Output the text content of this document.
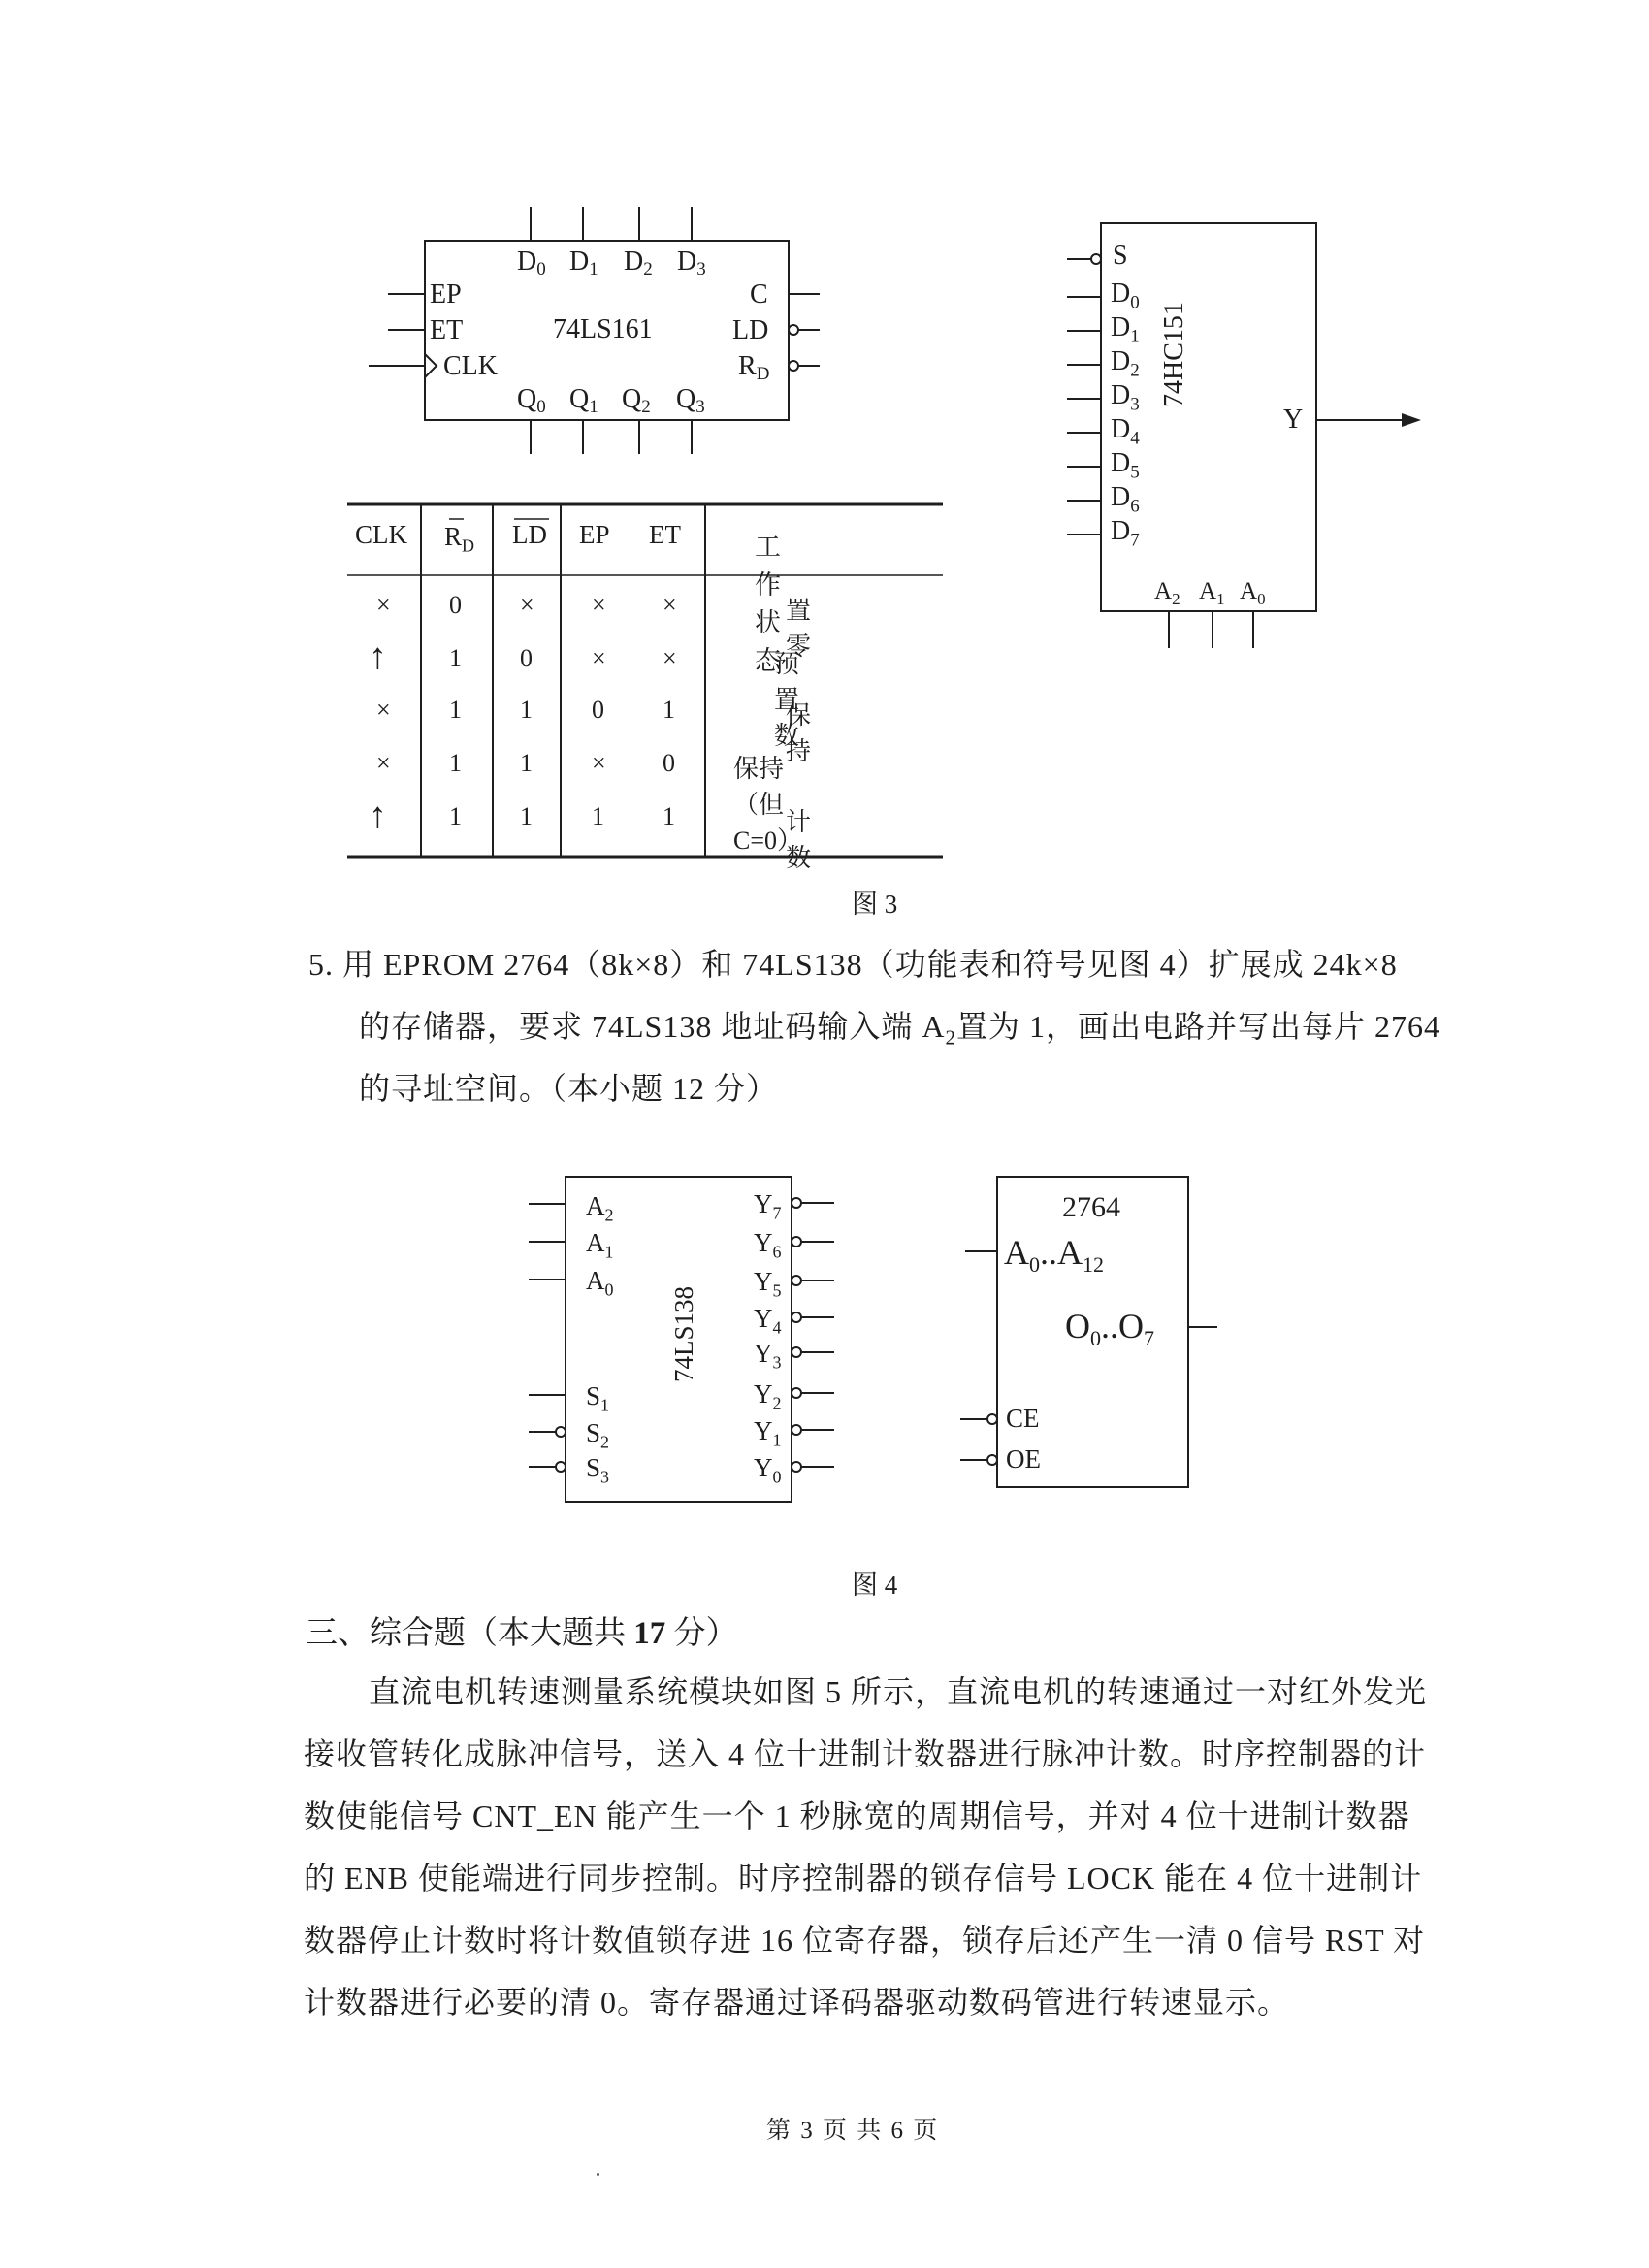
D0 D1 D2 D3
EP
ET
CLK
74LS161
C
LD
RD
Q0 Q1 Q2 Q3
S
$D_0$
$D_1$
$D_2$
$D_3$
$D_4$
$D_5$
$D_6$
$D_7$
Y
74HC151
$A_2$ $A_1$ $A_0$
CLK $R_D$ LD EP ET	工 作 状 态
× 0 × × ×	置 零
↑ 1 0 × ×	预置数
× 1 1 0 1	保持
× 1 1 × 0 保持（但C=0）
↑ 1 1 1 1	计数
图 3
5. 用 EPROM 2764（8k×8）和 74LS138（功能表和符号见图 4）扩展成 24k×8
的存储器，要求 74LS138 地址码输入端 $A_2$置为 1，画出电路并写出每片 2764
的寻址空间。（本小题 12 分）
$A_2$
$A_1$
$A_0$
$S_1$
$S_2$
$S_3$
74LS138
$Y_7$
$Y_6$
$Y_5$
$Y_4$
$Y_3$
$Y_2$
$Y_1$
$Y_0$
2764
$A_0..A_{12}$
$O_0..O_7$
CE
OE
图 4
三、综合题（本大题共 17 分）
直流电机转速测量系统模块如图 5 所示，直流电机的转速通过一对红外发光
接收管转化成脉冲信号，送入 4 位十进制计数器进行脉冲计数。时序控制器的计
数使能信号 CNT_EN 能产生一个 1 秒脉宽的周期信号，并对 4 位十进制计数器
的 ENB 使能端进行同步控制。时序控制器的锁存信号 LOCK 能在 4 位十进制计
数器停止计数时将计数值锁存进 16 位寄存器，锁存后还产生一清 0 信号 RST 对
计数器进行必要的清 0。寄存器通过译码器驱动数码管进行转速显示。
第 3 页 共 6 页
